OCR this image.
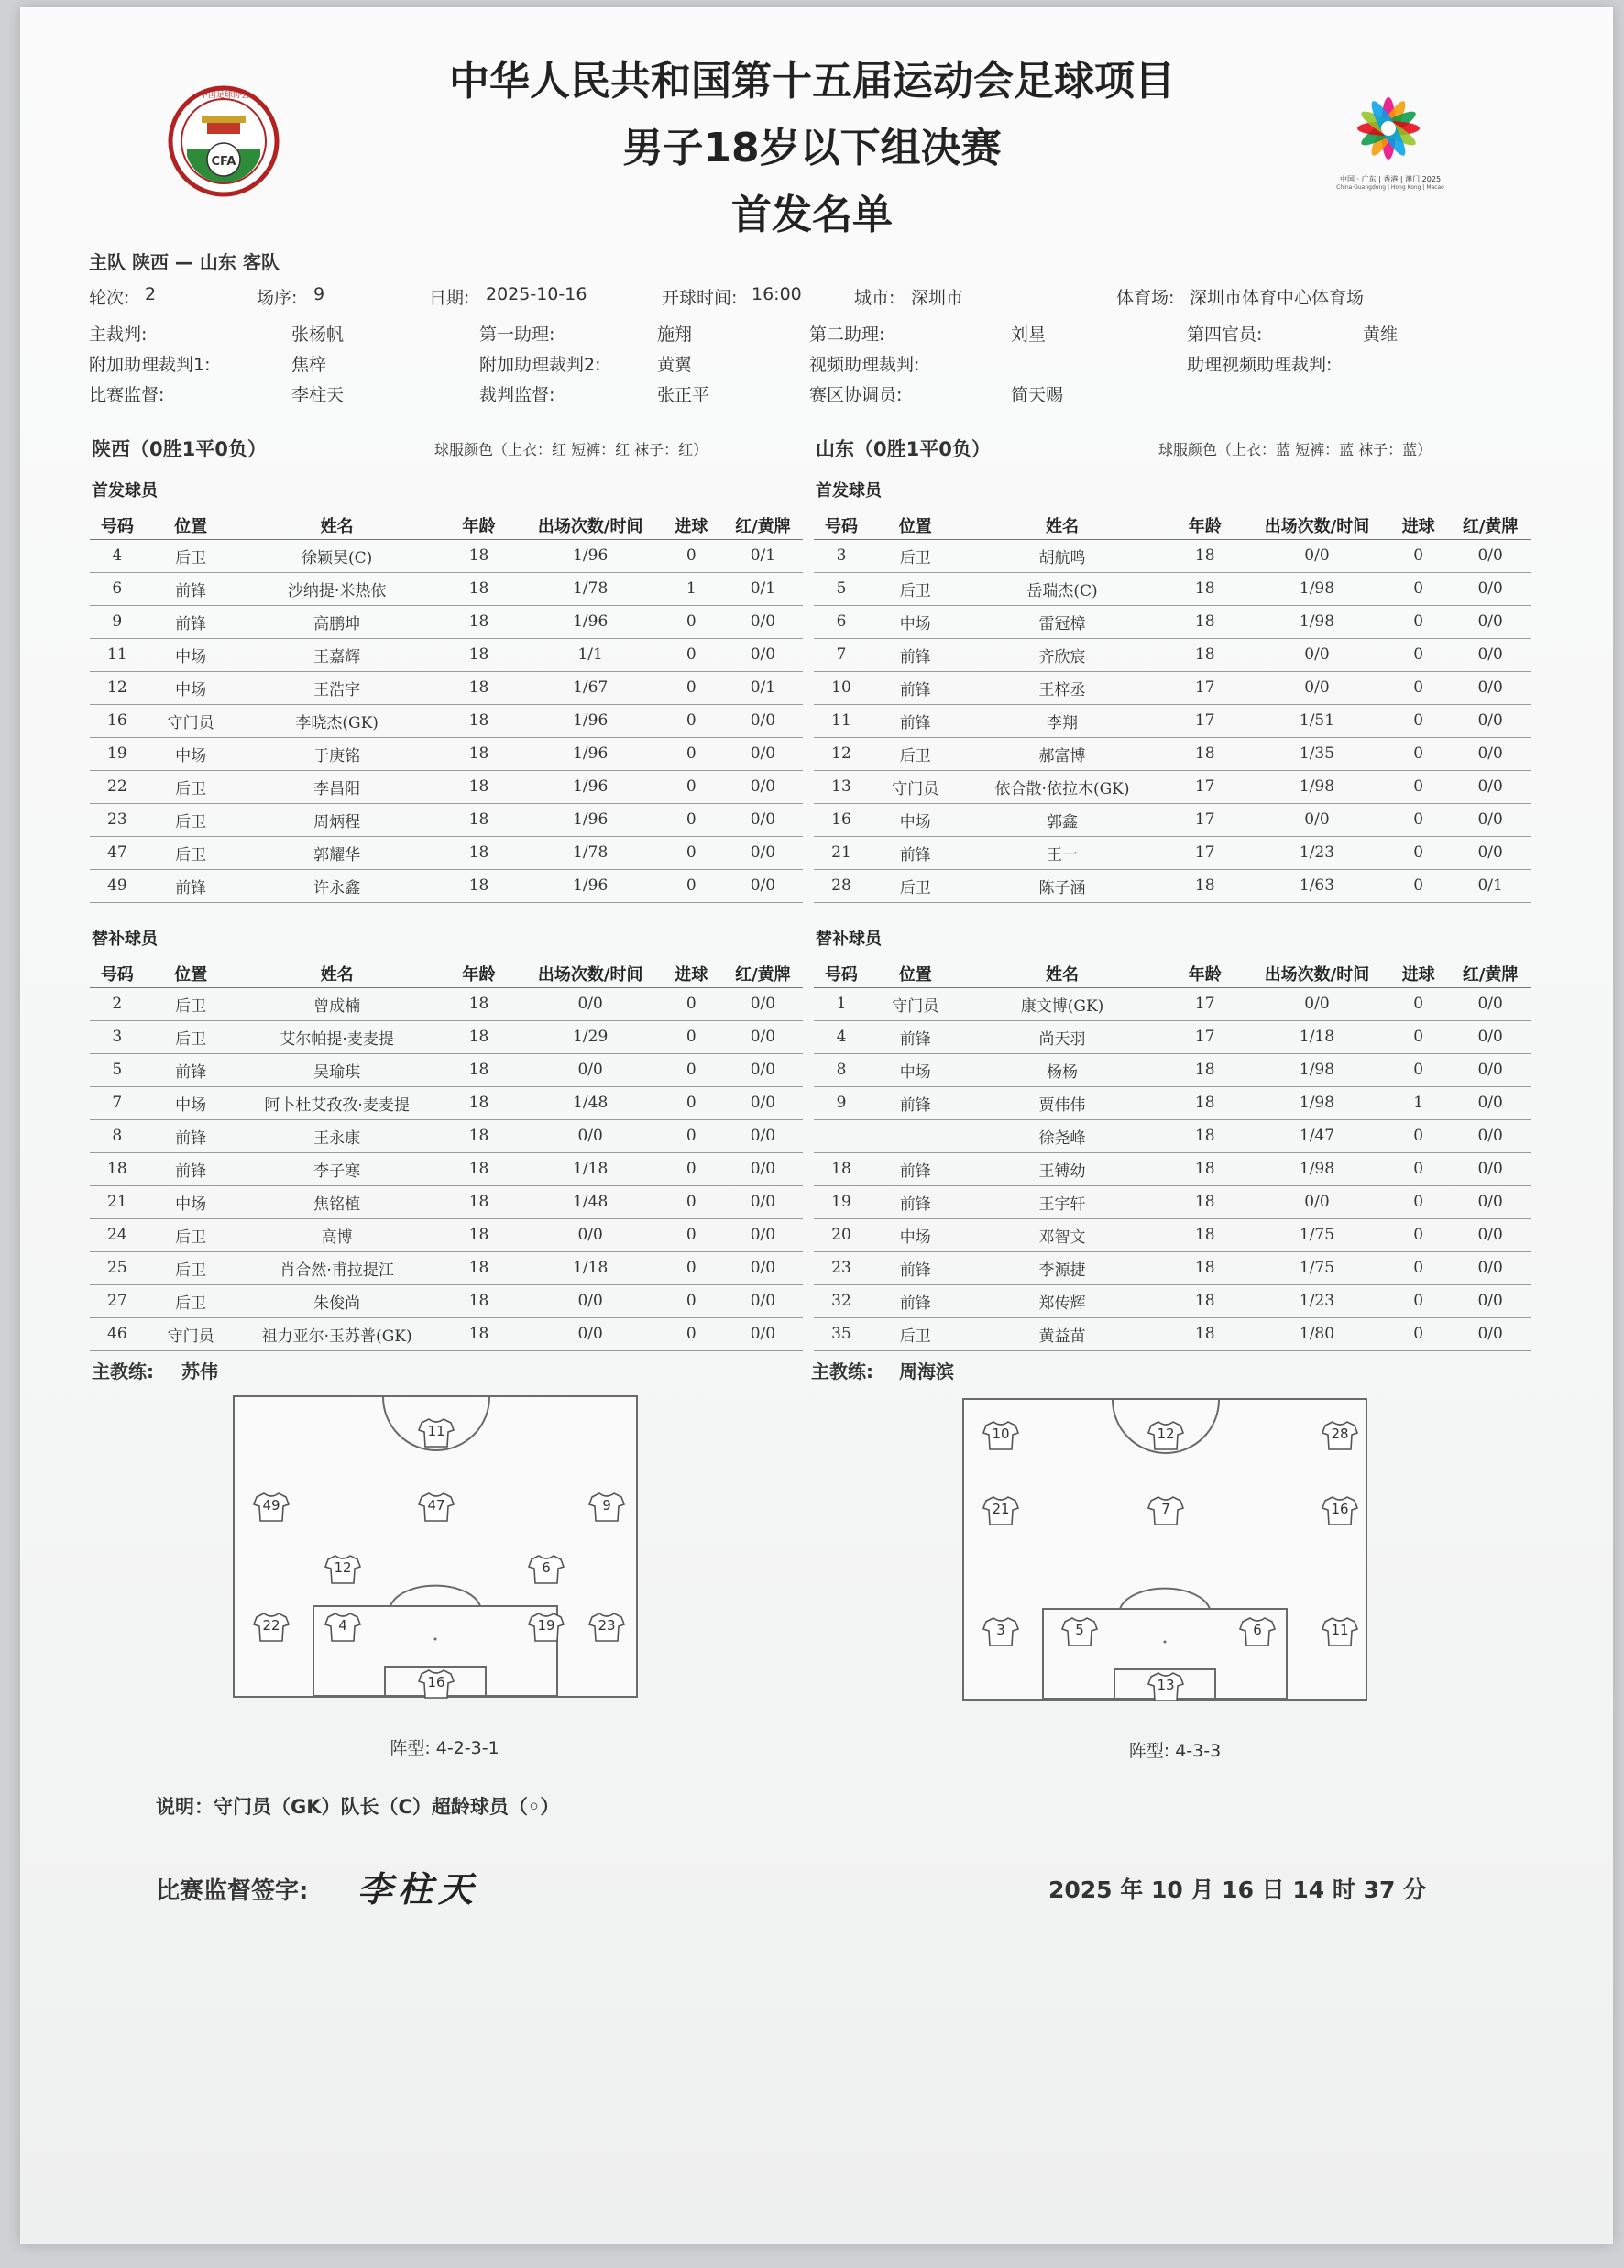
CFA
中国足球协会
中国 · 广东 | 香港 | 澳门 2025
China·Guangdong | Hong Kong | Macao
中华人民共和国第十五届运动会足球项目
男子18岁以下组决赛
首发名单
主队 陕西 — 山东 客队
轮次: 2	场序: 9	日期: 2025-10-16	开球时间: 16:00	城市: 深圳市	体育场: 深圳市体育中心体育场
主裁判:	张杨帆	第一助理:	施翔	第二助理:	刘星	第四官员:	黄维
附加助理裁判1:	焦梓	附加助理裁判2:	黄翼	视频助理裁判:	助理视频助理裁判:
比赛监督:	李柱天	裁判监督:	张正平	赛区协调员:	简天赐
陕西（0胜1平0负）	球服颜色（上衣：红 短裤：红 袜子：红）	山东（0胜1平0负）	球服颜色（上衣：蓝 短裤：蓝 袜子：蓝）
首发球员	首发球员
替补球员	替补球员
号码	位置	姓名	年龄	出场次数/时间	进球	红/黄牌
4	后卫	徐颖昊(C)	18	1/96	0	0/1
6	前锋	沙纳提·米热依	18	1/78	1	0/1
9	前锋	高鹏坤	18	1/96	0	0/0
11	中场	王嘉辉	18	1/1	0	0/0
12	中场	王浩宇	18	1/67	0	0/1
16	守门员	李晓杰(GK)	18	1/96	0	0/0
19	中场	于庚铭	18	1/96	0	0/0
22	后卫	李昌阳	18	1/96	0	0/0
23	后卫	周炳程	18	1/96	0	0/0
47	后卫	郭耀华	18	1/78	0	0/0
49	前锋	许永鑫	18	1/96	0	0/0
号码	位置	姓名	年龄	出场次数/时间	进球	红/黄牌
3	后卫	胡航鸣	18	0/0	0	0/0
5	后卫	岳瑞杰(C)	18	1/98	0	0/0
6	中场	雷冠樟	18	1/98	0	0/0
7	前锋	齐欣宸	18	0/0	0	0/0
10	前锋	王梓丞	17	0/0	0	0/0
11	前锋	李翔	17	1/51	0	0/0
12	后卫	郝富博	18	1/35	0	0/0
13	守门员	依合散·依拉木(GK)	17	1/98	0	0/0
16	中场	郭鑫	17	0/0	0	0/0
21	前锋	王一	17	1/23	0	0/0
28	后卫	陈子涵	18	1/63	0	0/1
号码	位置	姓名	年龄	出场次数/时间	进球	红/黄牌
2	后卫	曾成楠	18	0/0	0	0/0
3	后卫	艾尔帕提·麦麦提	18	1/29	0	0/0
5	前锋	吴瑜琪	18	0/0	0	0/0
7	中场	阿卜杜艾孜孜·麦麦提	18	1/48	0	0/0
8	前锋	王永康	18	0/0	0	0/0
18	前锋	李子寒	18	1/18	0	0/0
21	中场	焦铭植	18	1/48	0	0/0
24	后卫	高博	18	0/0	0	0/0
25	后卫	肖合然·甫拉提江	18	1/18	0	0/0
27	后卫	朱俊尚	18	0/0	0	0/0
46	守门员	祖力亚尔·玉苏普(GK)	18	0/0	0	0/0
号码	位置	姓名	年龄	出场次数/时间	进球	红/黄牌
1	守门员	康文博(GK)	17	0/0	0	0/0
4	前锋	尚天羽	17	1/18	0	0/0
8	中场	杨杨	18	1/98	0	0/0
9	前锋	贾伟伟	18	1/98	1	0/0
		徐尧峰	18	1/47	0	0/0
18	前锋	王镈幼	18	1/98	0	0/0
19	前锋	王宇轩	18	0/0	0	0/0
20	中场	邓智文	18	1/75	0	0/0
23	前锋	李源捷	18	1/75	0	0/0
32	前锋	郑传辉	18	1/23	0	0/0
35	后卫	黄益苗	18	1/80	0	0/0
主教练: 苏伟	主教练: 周海滨
11
49	47	9
12	6
22	4	19	23
16
12
10	28
21	7	16
3	5	6	11
13
阵型: 4-2-3-1	阵型: 4-3-3
说明：守门员（GK）队长（C）超龄球员（◦）
比赛监督签字: 李柱天	2025 年 10 月 16 日 14 时 37 分
